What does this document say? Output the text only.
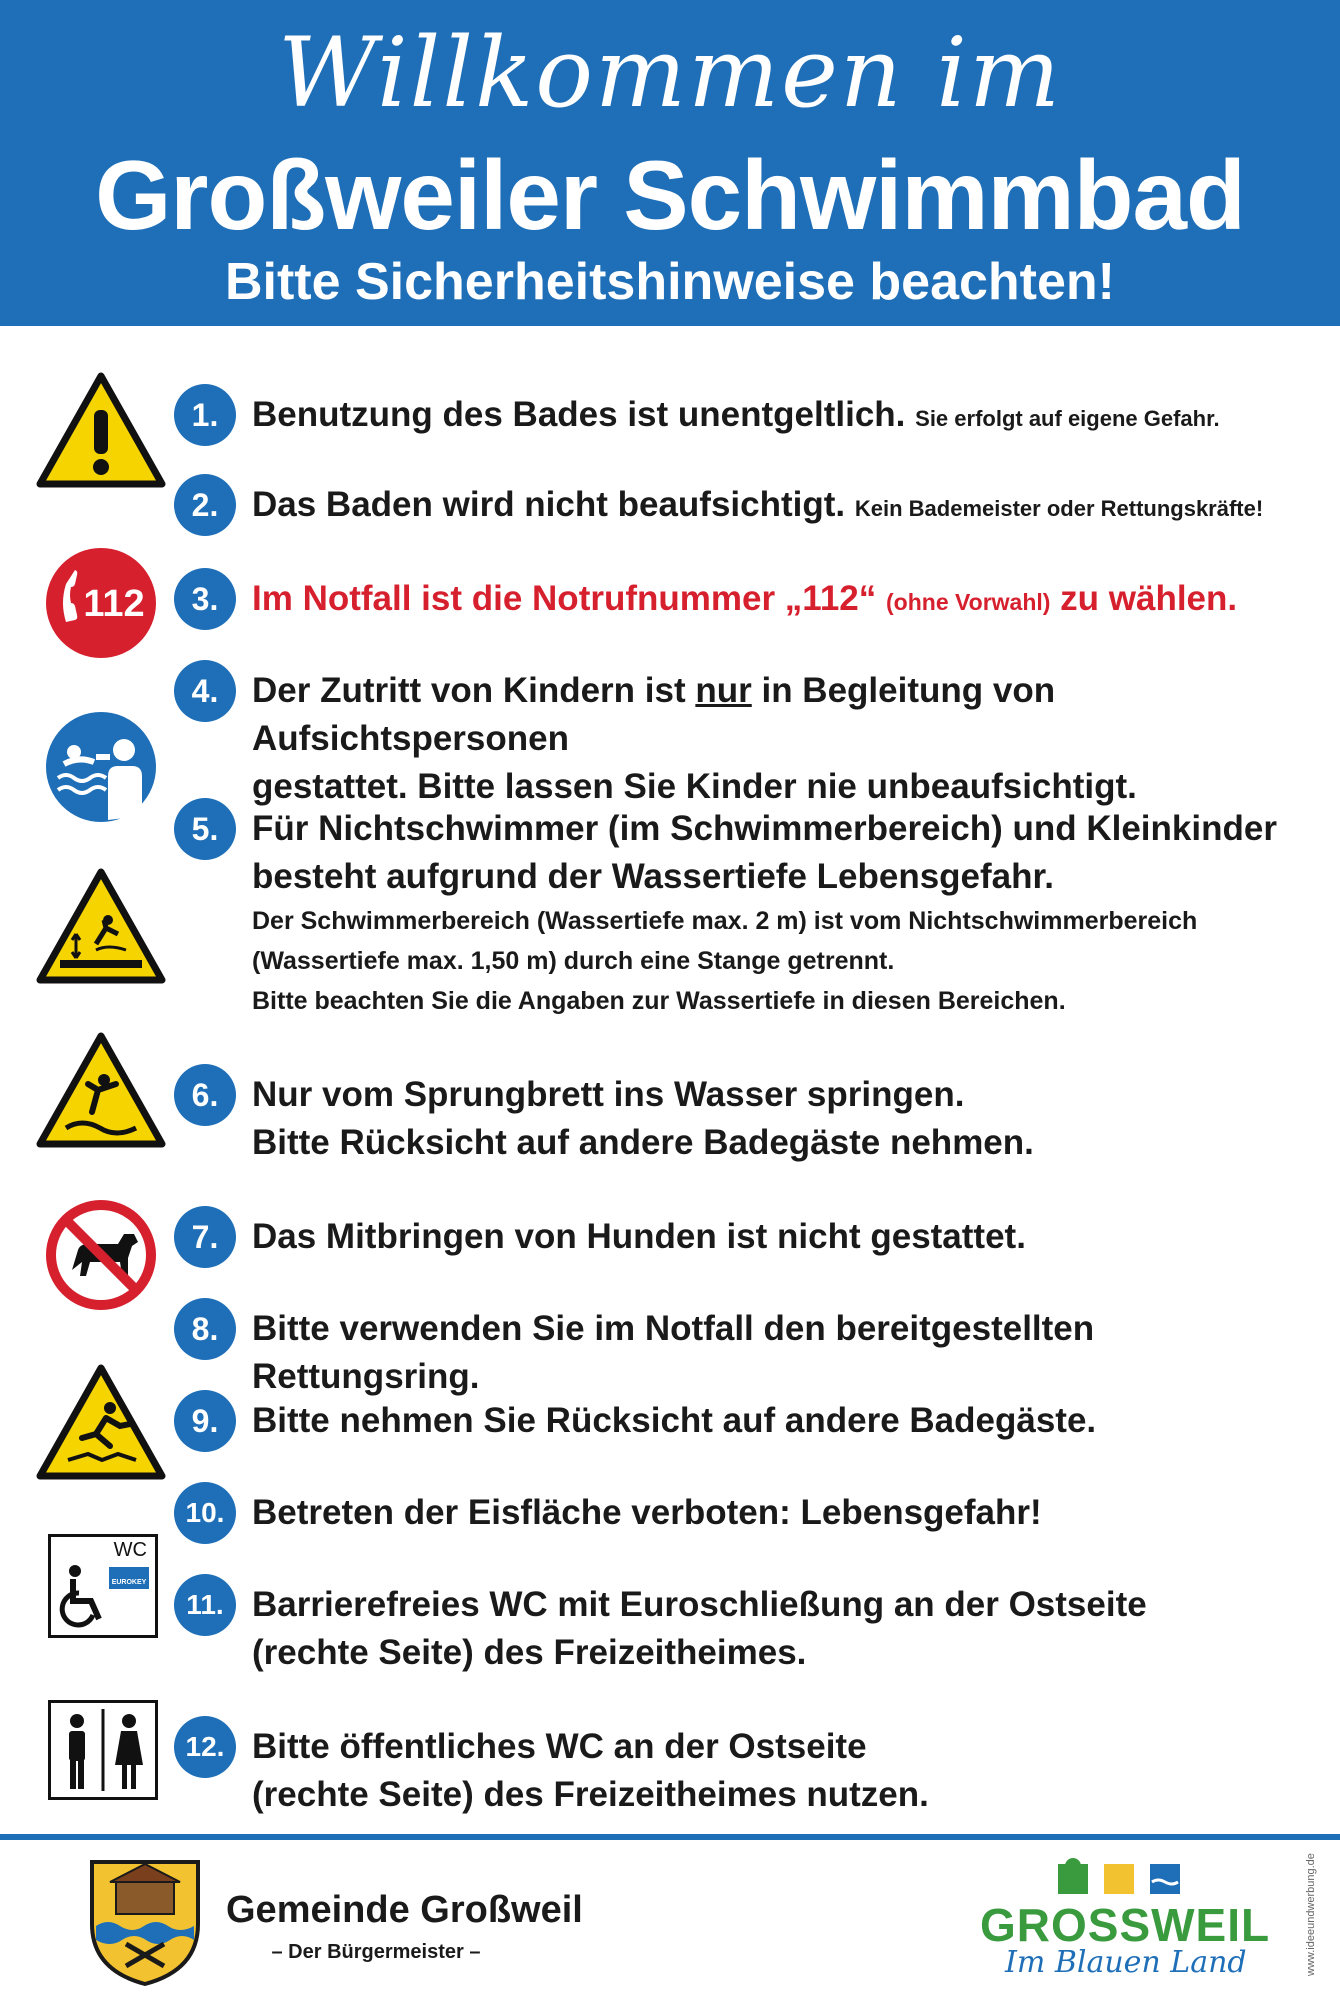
Willkommen im
Großweiler Schwimmbad
Bitte Sicherheitshinweise beachten!
112
WC
EUROKEY
1. Benutzung des Bades ist unentgeltlich. Sie erfolgt auf eigene Gefahr.
2. Das Baden wird nicht beaufsichtigt. Kein Bademeister oder Rettungskräfte!
3. Im Notfall ist die Notrufnummer „112“ (ohne Vorwahl) zu wählen.
4. Der Zutritt von Kindern ist nur in Begleitung von Aufsichtspersonen
gestattet. Bitte lassen Sie Kinder nie unbeaufsichtigt.
5. Für Nichtschwimmer (im Schwimmerbereich) und Kleinkinder
besteht aufgrund der Wassertiefe Lebensgefahr.
Der Schwimmerbereich (Wassertiefe max. 2 m) ist vom Nichtschwimmerbereich
(Wassertiefe max. 1,50 m) durch eine Stange getrennt.
Bitte beachten Sie die Angaben zur Wassertiefe in diesen Bereichen.
6. Nur vom Sprungbrett ins Wasser springen.
Bitte Rücksicht auf andere Badegäste nehmen.
7. Das Mitbringen von Hunden ist nicht gestattet.
8. Bitte verwenden Sie im Notfall den bereitgestellten Rettungsring.
9. Bitte nehmen Sie Rücksicht auf andere Badegäste.
10. Betreten der Eisfläche verboten: Lebensgefahr!
11. Barrierefreies WC mit Euroschließung an der Ostseite
(rechte Seite) des Freizeitheimes.
12. Bitte öffentliches WC an der Ostseite
(rechte Seite) des Freizeitheimes nutzen.
Gemeinde Großweil
– Der Bürgermeister –
GROSSWEIL
Im Blauen Land	www.ideeundwerbung.de
